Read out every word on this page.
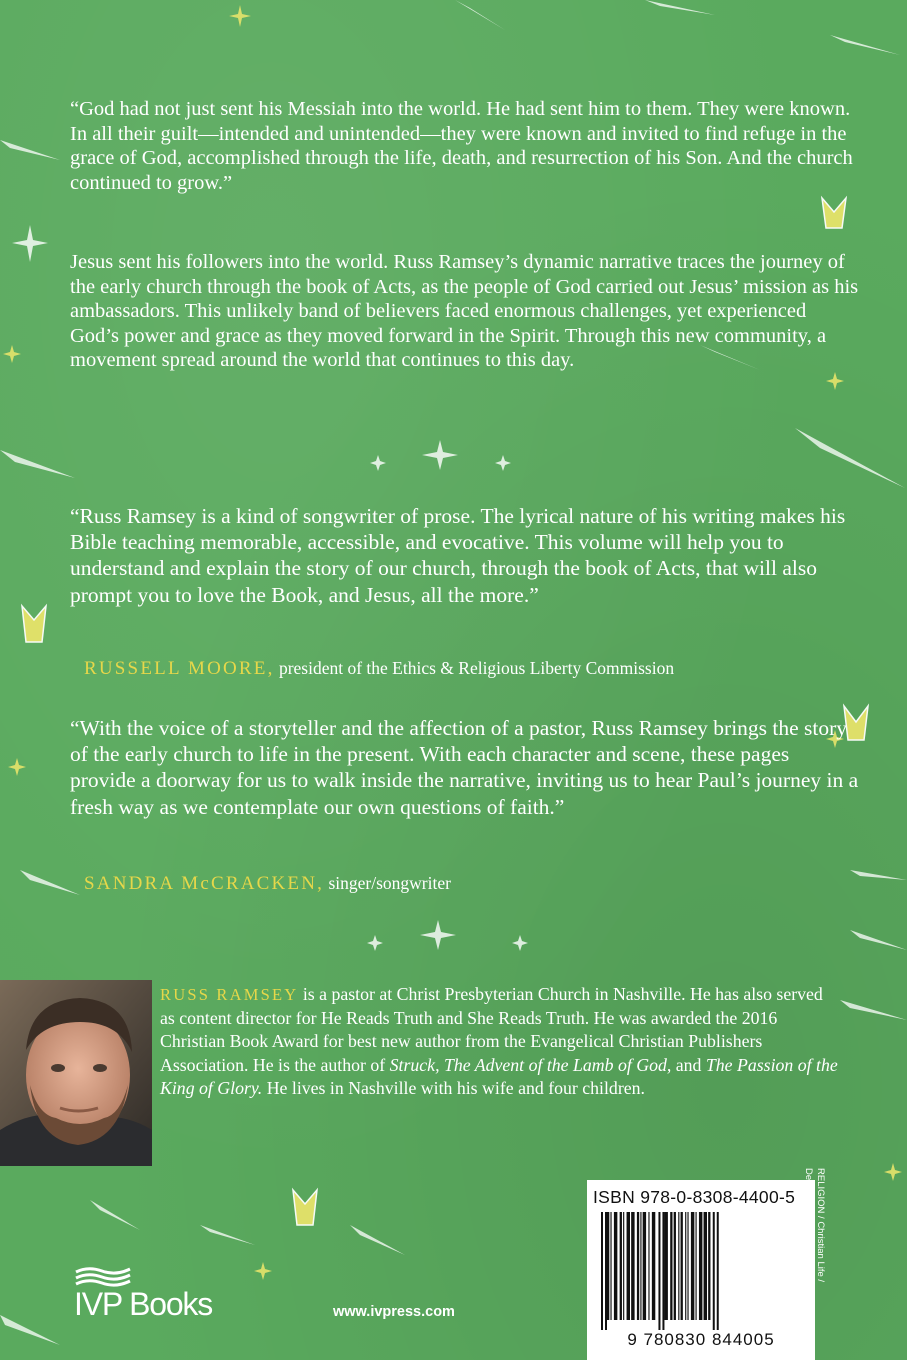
“God had not just sent his Messiah into the world. He had sent him to them. They were known. In all their guilt—intended and unintended—they were known and invited to find refuge in the grace of God, accomplished through the life, death, and resurrection of his Son. And the church continued to grow.”

Jesus sent his followers into the world. Russ Ramsey’s dynamic narrative traces the journey of the early church through the book of Acts, as the people of God carried out Jesus’ mission as his ambassadors. This unlikely band of believers faced enormous challenges, yet experienced God’s power and grace as they moved forward in the Spirit. Through this new community, a movement spread around the world that continues to this day.

“Russ Ramsey is a kind of songwriter of prose. The lyrical nature of his writing makes his Bible teaching memorable, accessible, and evocative. This volume will help you to understand and explain the story of our church, through the book of Acts, that will also prompt you to love the Book, and Jesus, all the more.”

RUSSELL MOORE, president of the Ethics & Religious Liberty Commission

“With the voice of a storyteller and the affection of a pastor, Russ Ramsey brings the story of the early church to life in the present. With each character and scene, these pages provide a doorway for us to walk inside the narrative, inviting us to hear Paul’s journey in a fresh way as we contemplate our own questions of faith.”

SANDRA McCRACKEN, singer/songwriter

RUSS RAMSEY is a pastor at Christ Presbyterian Church in Nashville. He has also served as content director for He Reads Truth and She Reads Truth. He was awarded the 2016 Christian Book Award for best new author from the Evangelical Christian Publishers Association. He is the author of Struck, The Advent of the Lamb of God, and The Passion of the King of Glory. He lives in Nashville with his wife and four children.

ISBN 978-0-8308-4400-5
9 780830 844005
RELIGION / Christian Life /
Devotional
IVP Books	www.ivpress.com
